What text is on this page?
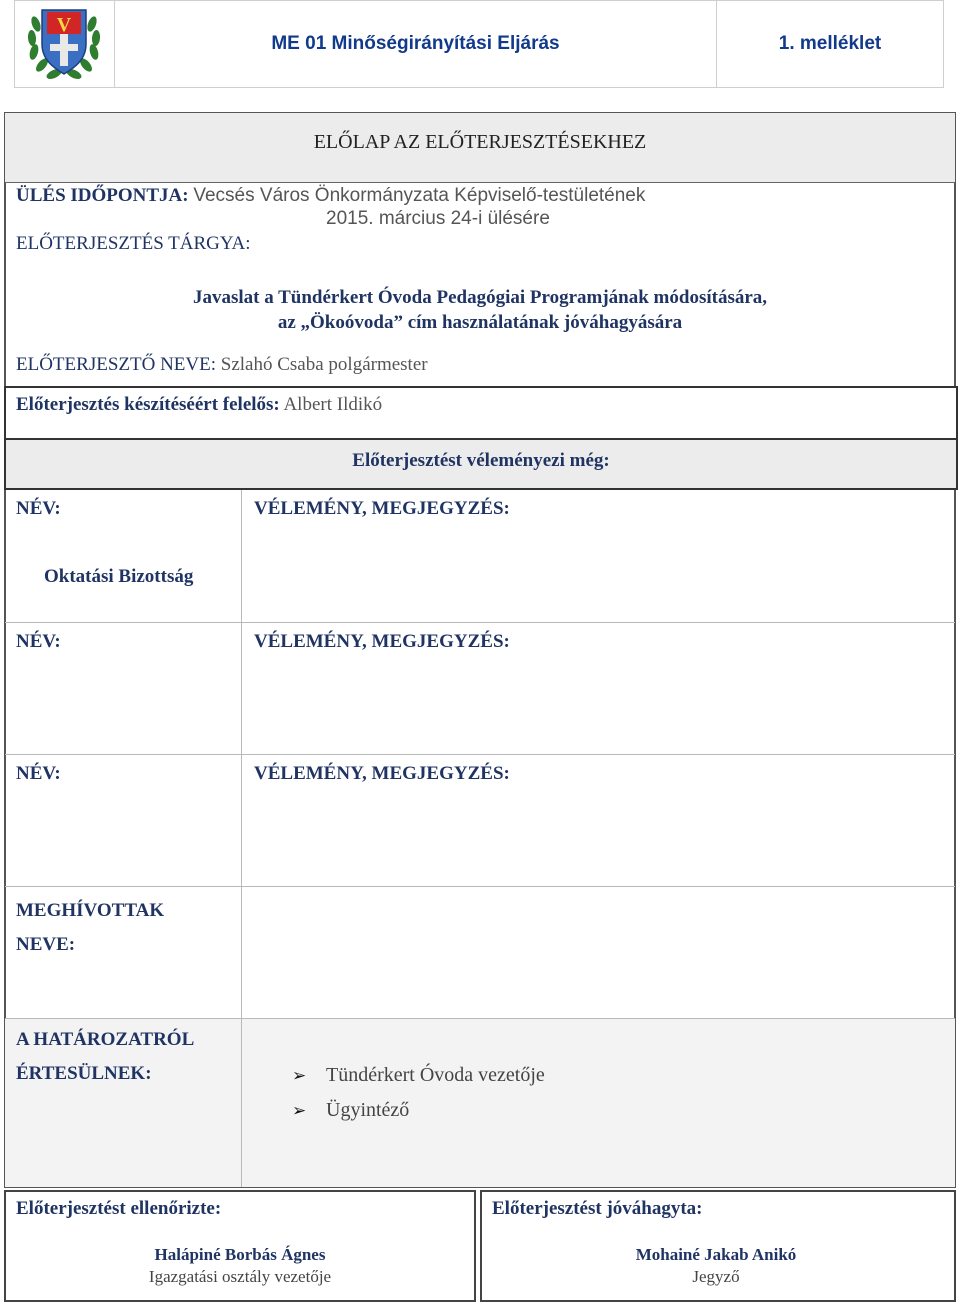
V
ME 01 Minőségirányítási Eljárás	1. melléklet
ELŐLAP AZ ELŐTERJESZTÉSEKHEZ
ÜLÉS IDŐPONTJA: Vecsés Város Önkormányzata Képviselő-testületének
2015. március 24-i ülésére
ELŐTERJESZTÉS TÁRGYA:
Javaslat a Tündérkert Óvoda Pedagógiai Programjának módosítására,
az „Ökoóvoda” cím használatának jóváhagyására
ELŐTERJESZTŐ NEVE: Szlahó Csaba polgármester
Előterjesztés készítéséért felelős: Albert Ildikó
Előterjesztést véleményezi még:
NÉV:	VÉLEMÉNY, MEGJEGYZÉS:
Oktatási Bizottság
NÉV:	VÉLEMÉNY, MEGJEGYZÉS:
NÉV:	VÉLEMÉNY, MEGJEGYZÉS:
MEGHÍVOTTAK
NEVE:
A HATÁROZATRÓL
ÉRTESÜLNEK:	➢ Tündérkert Óvoda vezetője
➢ Ügyintéző
Előterjesztést ellenőrizte:
Halápiné Borbás Ágnes
Igazgatási osztály vezetője
Előterjesztést jóváhagyta:
Mohainé Jakab Anikó
Jegyző
